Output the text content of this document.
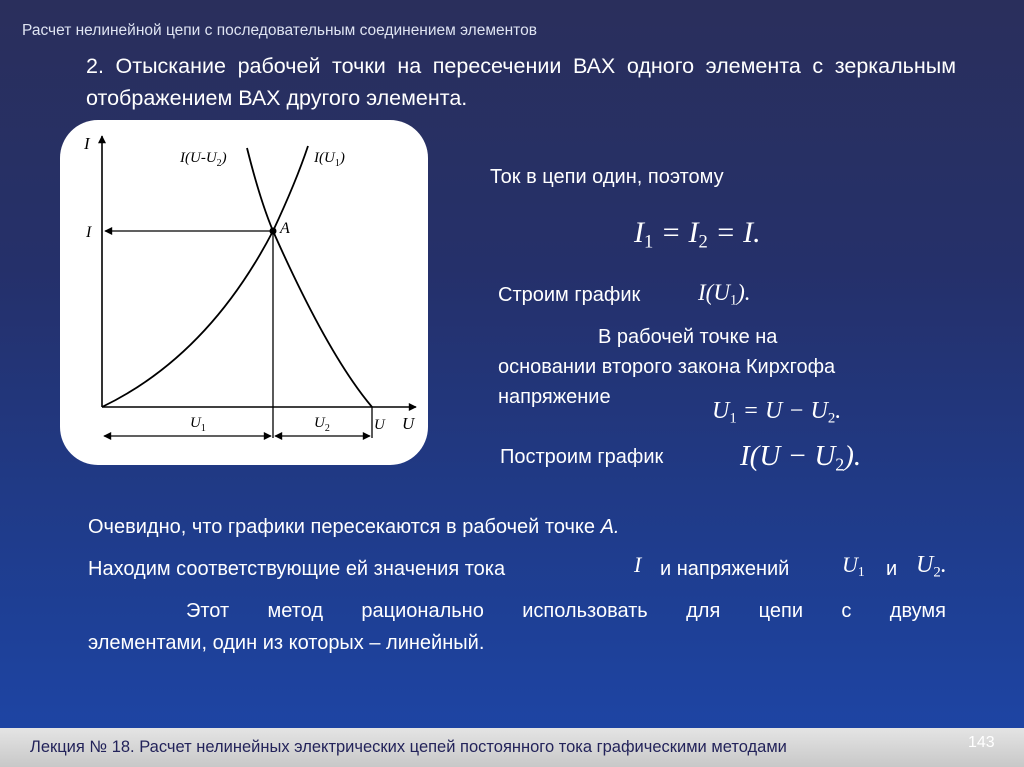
Расчет нелинейной цепи с последовательным соединением элементов
2. Отыскание рабочей точки на пересечении ВАХ одного элемента с зеркальным отображением ВАХ другого элемента.
I
U
I(U-U2)	I(U1)
I	A
U1	U2	U
Ток в цепи один, поэтому
$I_1 = I_2 = I$.
Строим график	$I(U_1)$.
В рабочей точке на
основании второго закона Кирхгофа
напряжение
$U_1 = U - U_2$.
Построим график	$I(U - U_2)$.
Очевидно, что графики пересекаются в рабочей точке А.
Находим соответствующие ей значения тока	I и напряжений $U_1$ и $U_2$.
Этот метод рационально использовать для цепи с двумя
элементами, один из которых – линейный.
Лекция № 18. Расчет нелинейных электрических цепей постоянного тока графическими методами	143
